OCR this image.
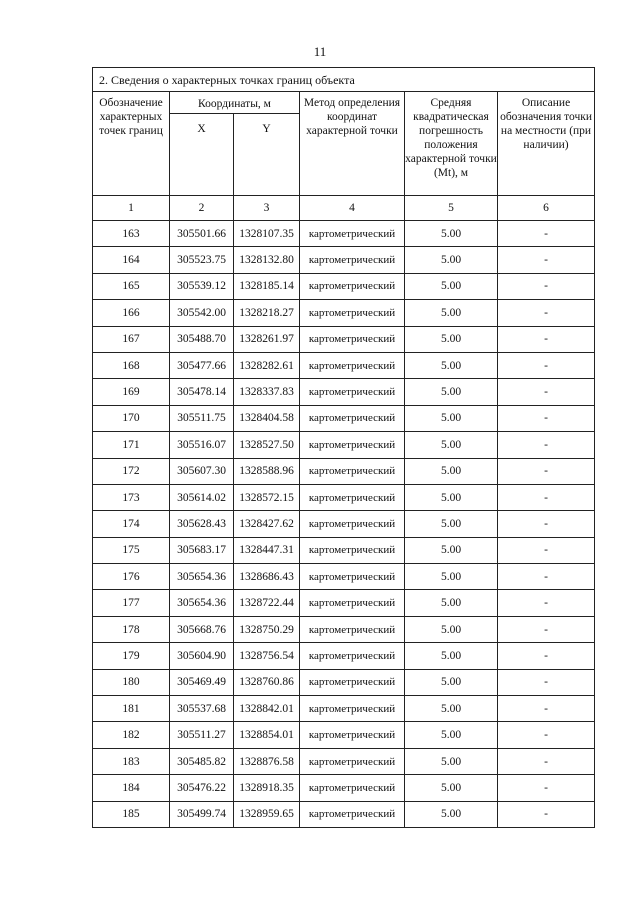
11
2. Сведения о характерных точках границ объекта					
Обозначение характерных точек границ	Координаты, м		Метод определения координат характерной точки	Средняя квадратическая погрешность положения характерной точки (Mt), м	Описание обозначения точки на местности (при наличии)
	X	Y			
1	2	3	4	5	6
163	305501.66	1328107.35	картометрический	5.00	-
164	305523.75	1328132.80	картометрический	5.00	-
165	305539.12	1328185.14	картометрический	5.00	-
166	305542.00	1328218.27	картометрический	5.00	-
167	305488.70	1328261.97	картометрический	5.00	-
168	305477.66	1328282.61	картометрический	5.00	-
169	305478.14	1328337.83	картометрический	5.00	-
170	305511.75	1328404.58	картометрический	5.00	-
171	305516.07	1328527.50	картометрический	5.00	-
172	305607.30	1328588.96	картометрический	5.00	-
173	305614.02	1328572.15	картометрический	5.00	-
174	305628.43	1328427.62	картометрический	5.00	-
175	305683.17	1328447.31	картометрический	5.00	-
176	305654.36	1328686.43	картометрический	5.00	-
177	305654.36	1328722.44	картометрический	5.00	-
178	305668.76	1328750.29	картометрический	5.00	-
179	305604.90	1328756.54	картометрический	5.00	-
180	305469.49	1328760.86	картометрический	5.00	-
181	305537.68	1328842.01	картометрический	5.00	-
182	305511.27	1328854.01	картометрический	5.00	-
183	305485.82	1328876.58	картометрический	5.00	-
184	305476.22	1328918.35	картометрический	5.00	-
185	305499.74	1328959.65	картометрический	5.00	-
